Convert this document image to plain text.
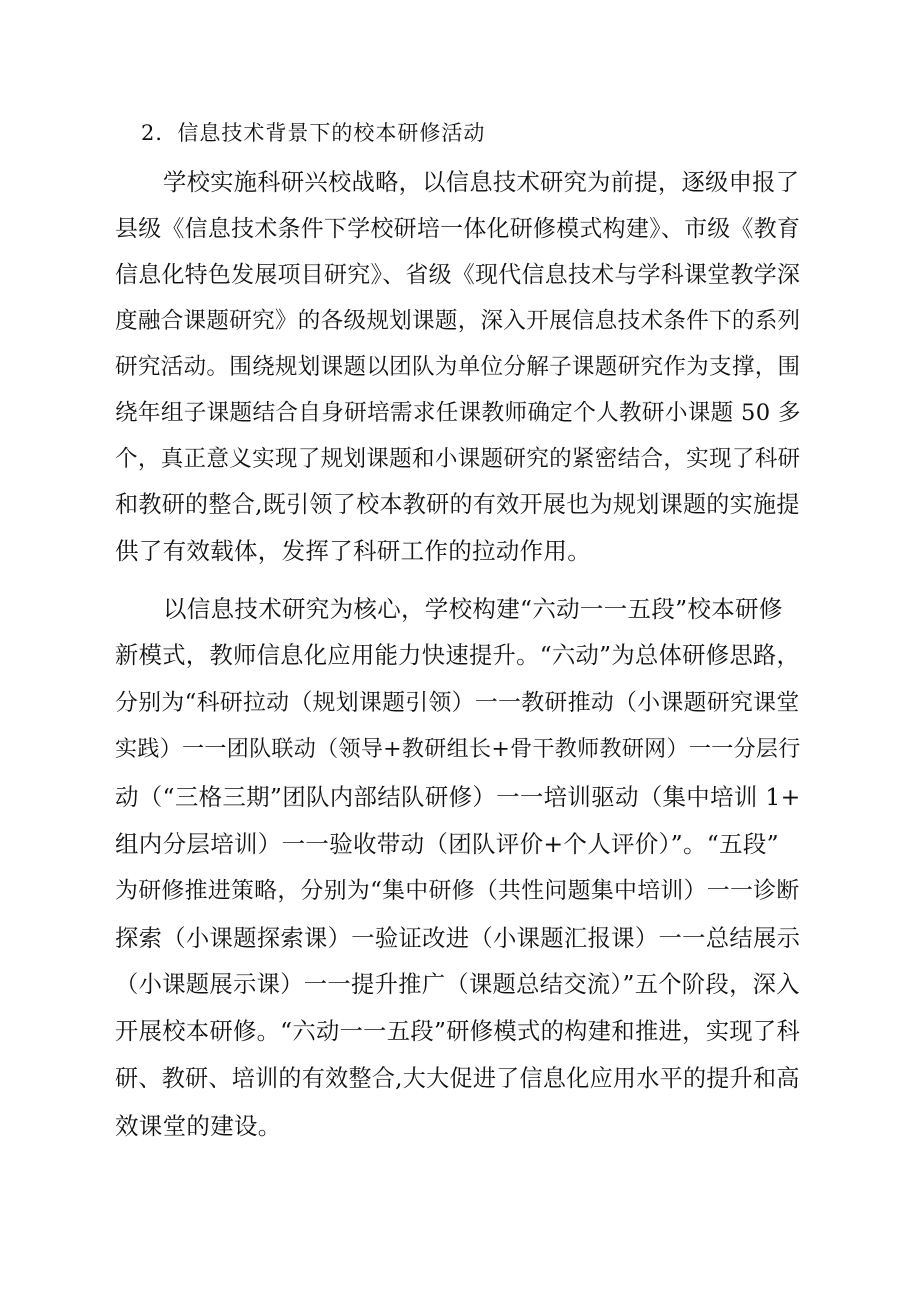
2．信息技术背景下的校本研修活动
学校实施科研兴校战略，以信息技术研究为前提，逐级申报了
县级《信息技术条件下学校研培一体化研修模式构建》、市级《教育
信息化特色发展项目研究》、省级《现代信息技术与学科课堂教学深
度融合课题研究》的各级规划课题，深入开展信息技术条件下的系列
研究活动。围绕规划课题以团队为单位分解子课题研究作为支撑，围
绕年组子课题结合自身研培需求任课教师确定个人教研小课题 50 多
个，真正意义实现了规划课题和小课题研究的紧密结合，实现了科研
和教研的整合,既引领了校本教研的有效开展也为规划课题的实施提
供了有效载体，发挥了科研工作的拉动作用。
以信息技术研究为核心，学校构建“六动一一五段”校本研修
新模式，教师信息化应用能力快速提升。“六动”为总体研修思路，
分别为“科研拉动（规划课题引领）一一教研推动（小课题研究课堂
实践）一一团队联动（领导+教研组长+骨干教师教研网）一一分层行
动（“三格三期”团队内部结队研修）一一培训驱动（集中培训 1+
组内分层培训）一一验收带动（团队评价+个人评价）”。“五段”
为研修推进策略，分别为“集中研修（共性问题集中培训）一一诊断
探索（小课题探索课）一验证改进（小课题汇报课）一一总结展示
（小课题展示课）一一提升推广（课题总结交流）”五个阶段，深入
开展校本研修。“六动一一五段”研修模式的构建和推进，实现了科
研、教研、培训的有效整合,大大促进了信息化应用水平的提升和高
效课堂的建设。
